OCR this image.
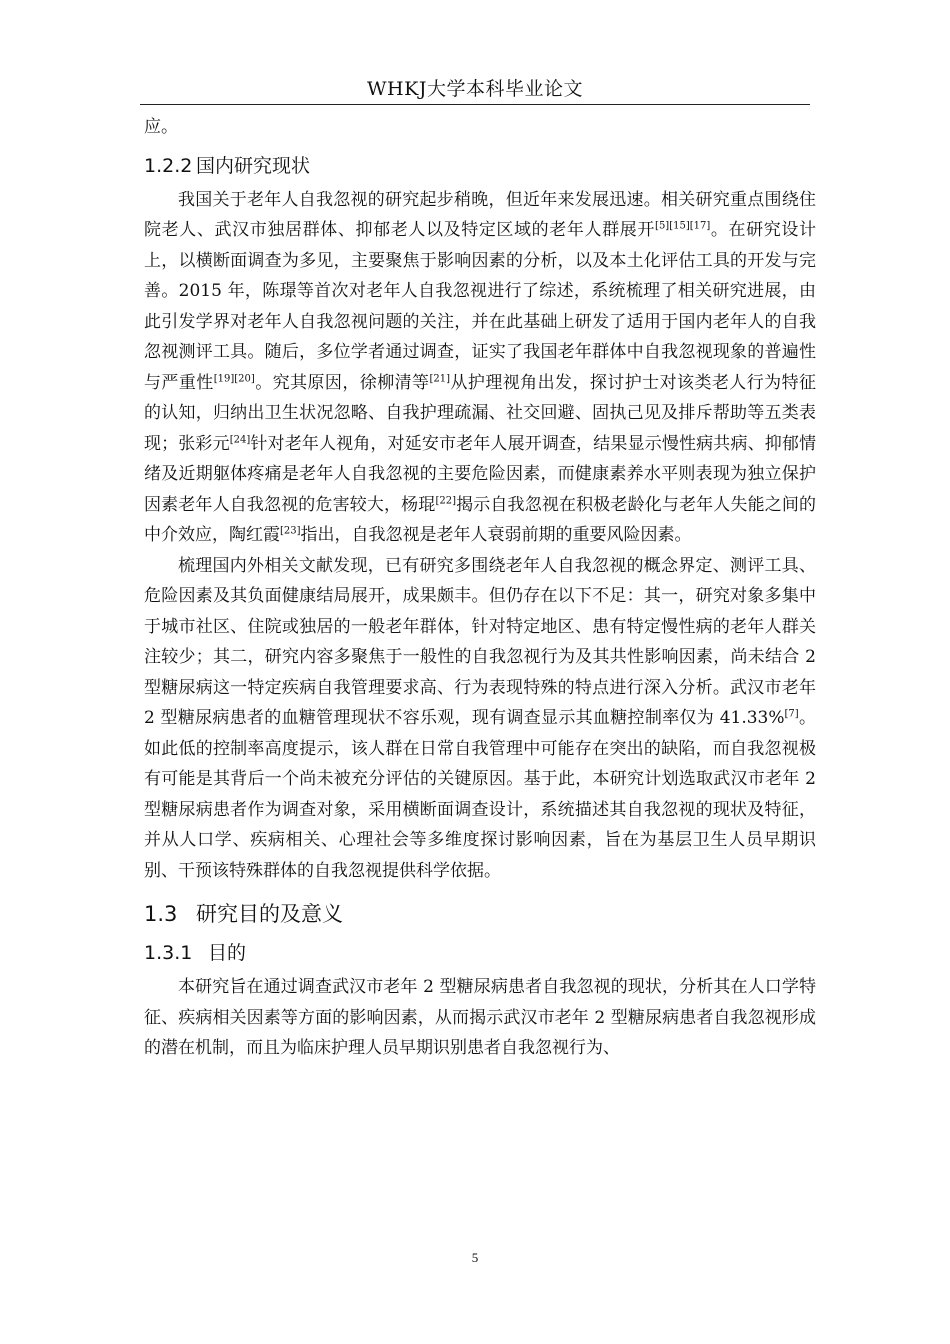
WHKJ大学本科毕业论文

应。

1.2.2 国内研究现状

我国关于老年人自我忽视的研究起步稍晚，但近年来发展迅速。相关研究重点围绕住院老人、武汉市独居群体、抑郁老人以及特定区域的老年人群展开[5][15][17]。在研究设计上，以横断面调查为多见，主要聚焦于影响因素的分析，以及本土化评估工具的开发与完善。2015 年，陈璟等首次对老年人自我忽视进行了综述，系统梳理了相关研究进展，由此引发学界对老年人自我忽视问题的关注，并在此基础上研发了适用于国内老年人的自我忽视测评工具。随后，多位学者通过调查，证实了我国老年群体中自我忽视现象的普遍性与严重性[19][20]。究其原因，徐柳清等[21]从护理视角出发，探讨护士对该类老人行为特征的认知，归纳出卫生状况忽略、自我护理疏漏、社交回避、固执己见及排斥帮助等五类表现；张彩元[24]针对老年人视角，对延安市老年人展开调查，结果显示慢性病共病、抑郁情绪及近期躯体疼痛是老年人自我忽视的主要危险因素，而健康素养水平则表现为独立保护因素老年人自我忽视的危害较大，杨琨[22]揭示自我忽视在积极老龄化与老年人失能之间的中介效应，陶红霞[23]指出，自我忽视是老年人衰弱前期的重要风险因素。

梳理国内外相关文献发现，已有研究多围绕老年人自我忽视的概念界定、测评工具、危险因素及其负面健康结局展开，成果颇丰。但仍存在以下不足：其一，研究对象多集中于城市社区、住院或独居的一般老年群体，针对特定地区、患有特定慢性病的老年人群关注较少；其二，研究内容多聚焦于一般性的自我忽视行为及其共性影响因素，尚未结合 2 型糖尿病这一特定疾病自我管理要求高、行为表现特殊的特点进行深入分析。武汉市老年 2 型糖尿病患者的血糖管理现状不容乐观，现有调查显示其血糖控制率仅为 41.33%[7]。如此低的控制率高度提示，该人群在日常自我管理中可能存在突出的缺陷，而自我忽视极有可能是其背后一个尚未被充分评估的关键原因。基于此，本研究计划选取武汉市老年 2 型糖尿病患者作为调查对象，采用横断面调查设计，系统描述其自我忽视的现状及特征，并从人口学、疾病相关、心理社会等多维度探讨影响因素，旨在为基层卫生人员早期识别、干预该特殊群体的自我忽视提供科学依据。

1.3 研究目的及意义
1.3.1 目的

本研究旨在通过调查武汉市老年 2 型糖尿病患者自我忽视的现状，分析其在人口学特征、疾病相关因素等方面的影响因素，从而揭示武汉市老年 2 型糖尿病患者自我忽视形成的潜在机制，而且为临床护理人员早期识别患者自我忽视行为、

5
